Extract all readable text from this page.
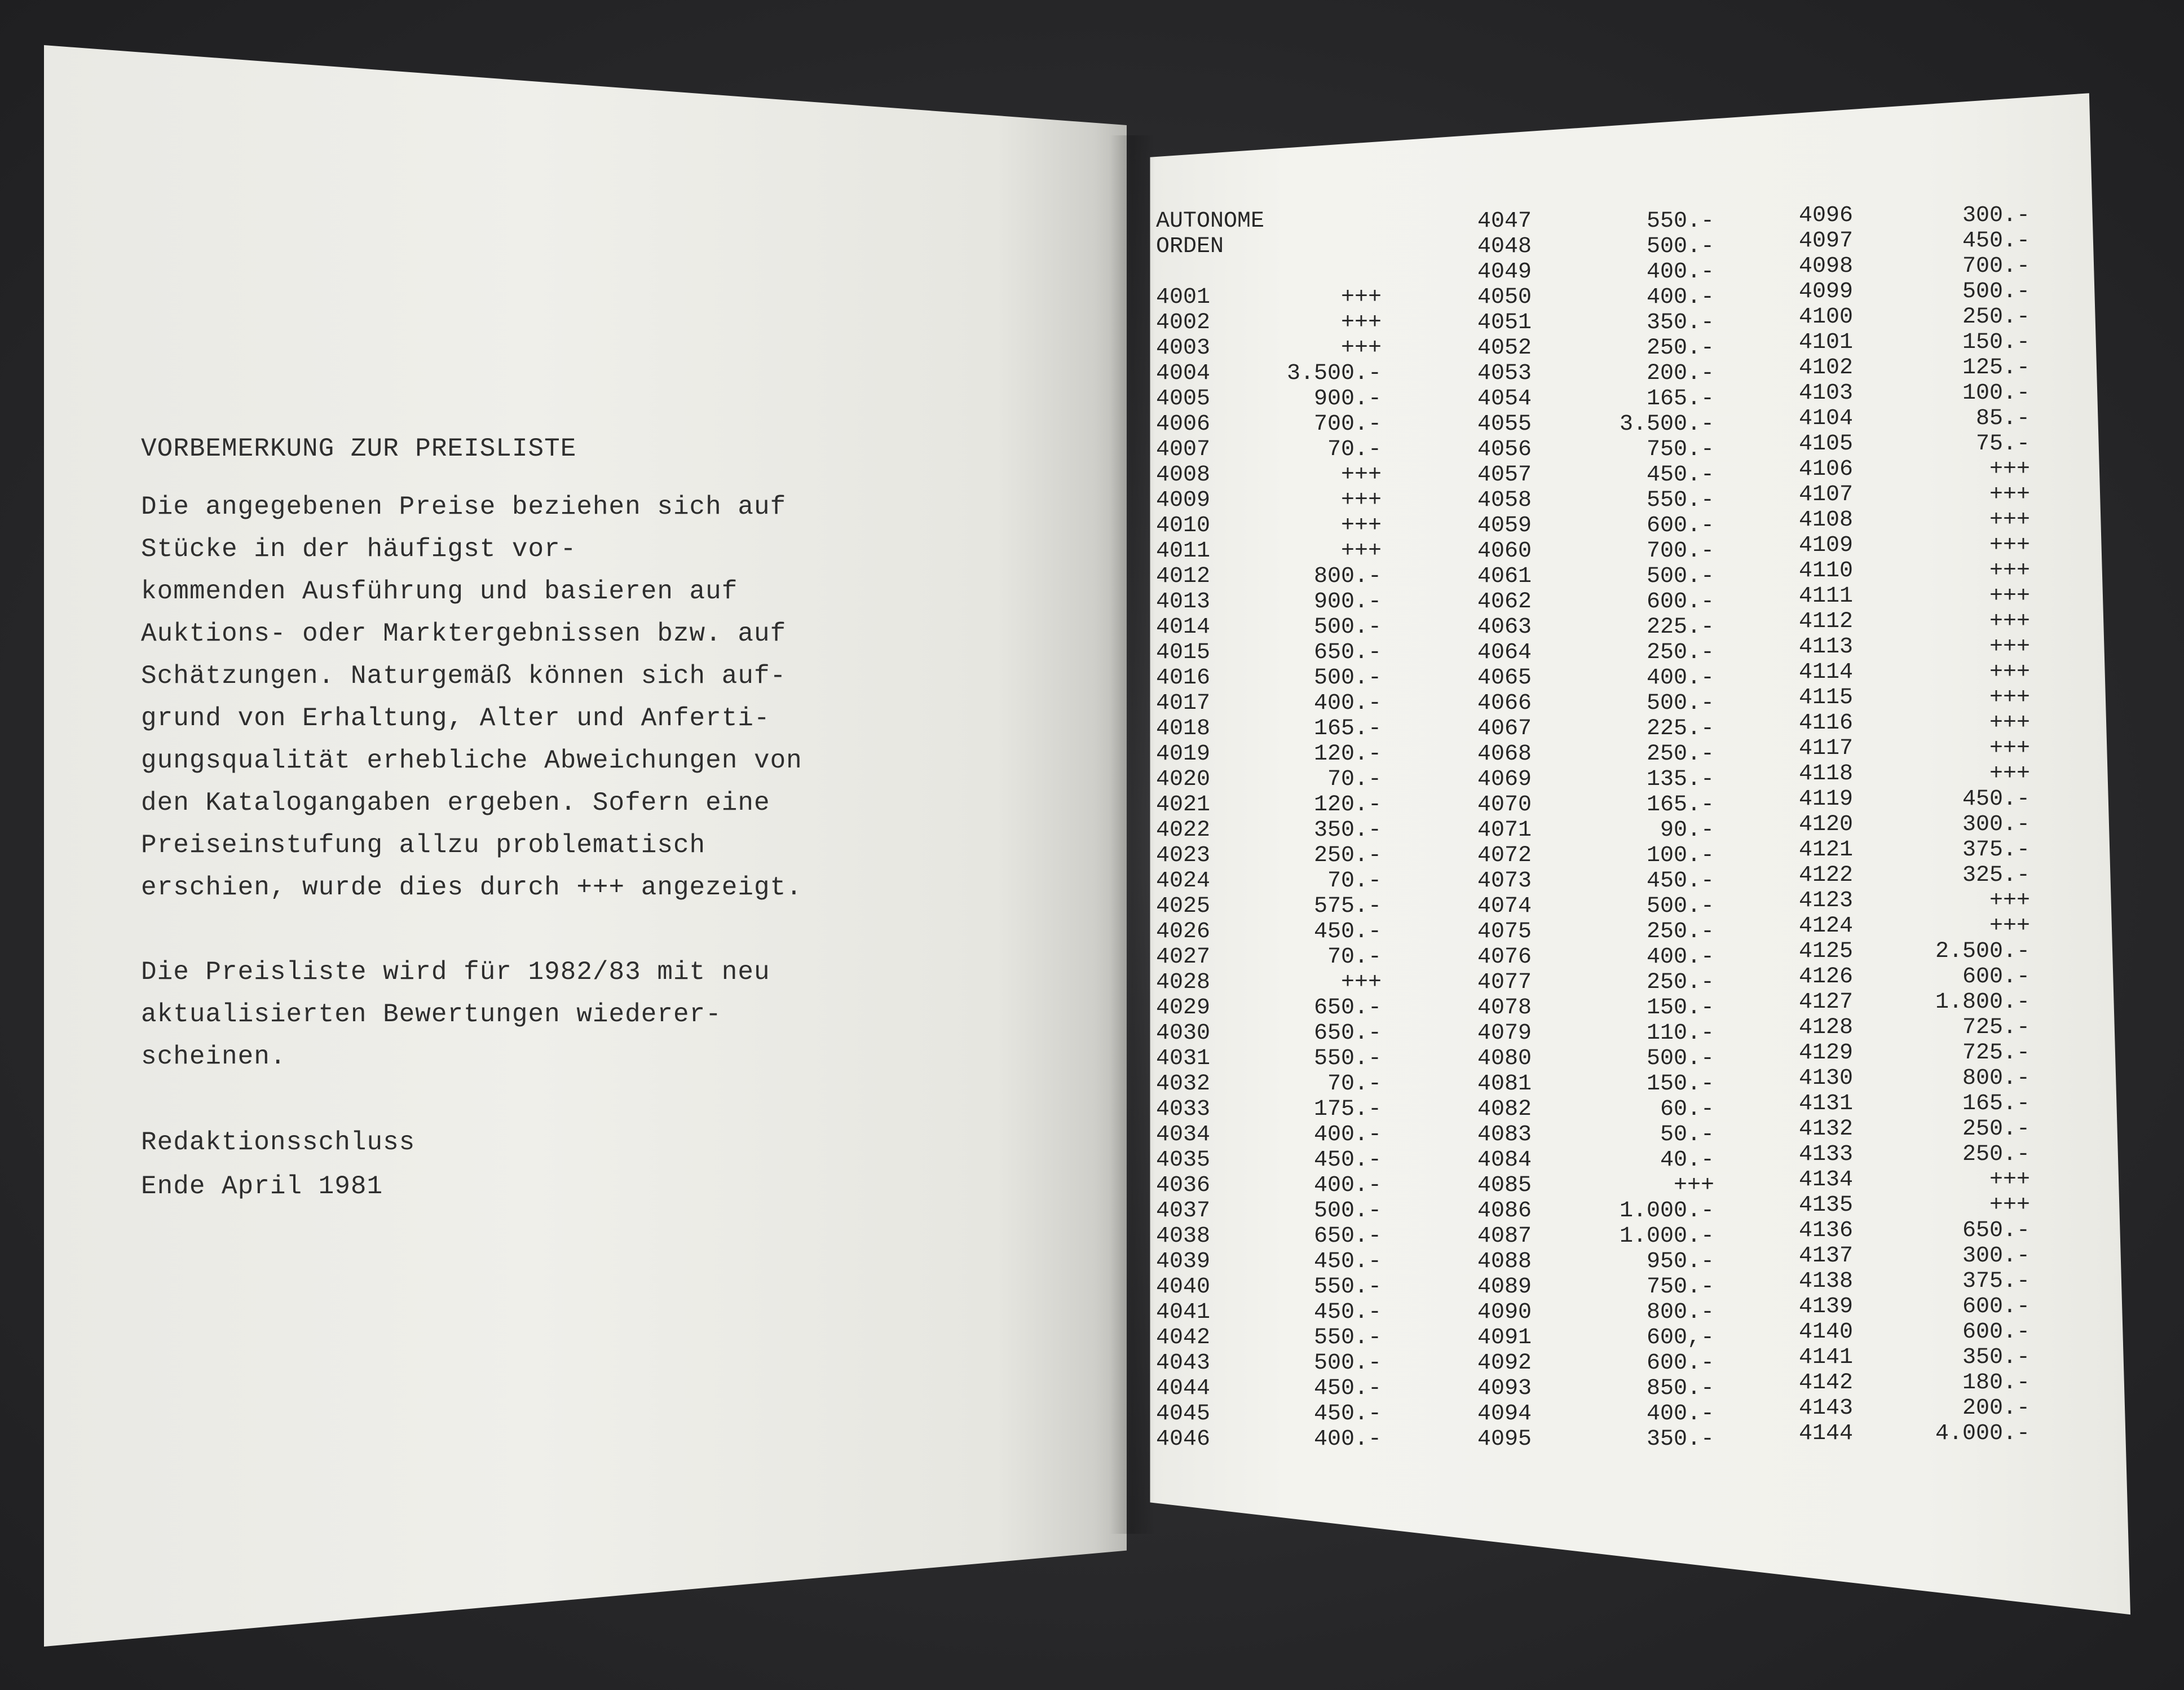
VORBEMERKUNG ZUR PREISLISTE
Die angegebenen Preise beziehen sich auf
Stücke in der häufigst vor-
kommenden Ausführung und basieren auf
Auktions- oder Marktergebnissen bzw. auf
Schätzungen. Naturgemäß können sich auf-
grund von Erhaltung, Alter und Anferti-
gungsqualität erhebliche Abweichungen von
den Katalogangaben ergeben. Sofern eine
Preiseinstufung allzu problematisch
erschien, wurde dies durch +++ angezeigt.
Die Preisliste wird für 1982/83 mit neu
aktualisierten Bewertungen wiederer-
scheinen.
Redaktionsschluss
Ende April 1981
AUTONOME
ORDEN
4001	+++
4002	+++
4003	+++
4004	3.500.-
4005	900.-
4006	700.-
4007	70.-
4008	+++
4009	+++
4010	+++
4011	+++
4012	800.-
4013	900.-
4014	500.-
4015	650.-
4016	500.-
4017	400.-
4018	165.-
4019	120.-
4020	70.-
4021	120.-
4022	350.-
4023	250.-
4024	70.-
4025	575.-
4026	450.-
4027	70.-
4028	+++
4029	650.-
4030	650.-
4031	550.-
4032	70.-
4033	175.-
4034	400.-
4035	450.-
4036	400.-
4037	500.-
4038	650.-
4039	450.-
4040	550.-
4041	450.-
4042	550.-
4043	500.-
4044	450.-
4045	450.-
4046	400.-
4047	550.-
4048	500.-
4049	400.-
4050	400.-
4051	350.-
4052	250.-
4053	200.-
4054	165.-
4055	3.500.-
4056	750.-
4057	450.-
4058	550.-
4059	600.-
4060	700.-
4061	500.-
4062	600.-
4063	225.-
4064	250.-
4065	400.-
4066	500.-
4067	225.-
4068	250.-
4069	135.-
4070	165.-
4071	90.-
4072	100.-
4073	450.-
4074	500.-
4075	250.-
4076	400.-
4077	250.-
4078	150.-
4079	110.-
4080	500.-
4081	150.-
4082	60.-
4083	50.-
4084	40.-
4085	+++
4086	1.000.-
4087	1.000.-
4088	950.-
4089	750.-
4090	800.-
4091	600,-
4092	600.-
4093	850.-
4094	400.-
4095	350.-
4096	300.-
4097	450.-
4098	700.-
4099	500.-
4100	250.-
4101	150.-
4102	125.-
4103	100.-
4104	85.-
4105	75.-
4106	+++
4107	+++
4108	+++
4109	+++
4110	+++
4111	+++
4112	+++
4113	+++
4114	+++
4115	+++
4116	+++
4117	+++
4118	+++
4119	450.-
4120	300.-
4121	375.-
4122	325.-
4123	+++
4124	+++
4125	2.500.-
4126	600.-
4127	1.800.-
4128	725.-
4129	725.-
4130	800.-
4131	165.-
4132	250.-
4133	250.-
4134	+++
4135	+++
4136	650.-
4137	300.-
4138	375.-
4139	600.-
4140	600.-
4141	350.-
4142	180.-
4143	200.-
4144	4.000.-
